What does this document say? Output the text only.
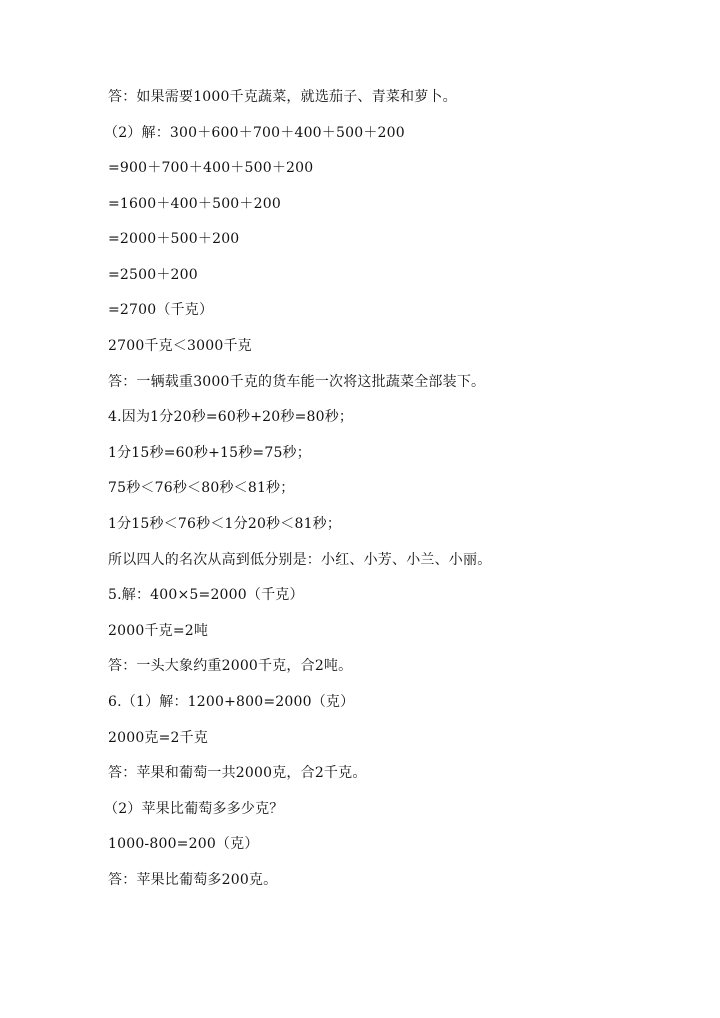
答：如果需要1000千克蔬菜，就选茄子、青菜和萝卜。
（2）解：300＋600＋700＋400＋500＋200
=900＋700＋400＋500＋200
=1600＋400＋500＋200
=2000＋500＋200
=2500＋200
=2700（千克）
2700千克＜3000千克
答：一辆载重3000千克的货车能一次将这批蔬菜全部装下。
4.因为1分20秒=60秒+20秒=80秒；
1分15秒=60秒+15秒=75秒；
75秒＜76秒＜80秒＜81秒；
1分15秒＜76秒＜1分20秒＜81秒；
所以四人的名次从高到低分别是：小红、小芳、小兰、小丽。
5.解：400×5=2000（千克）
2000千克=2吨
答：一头大象约重2000千克，合2吨。
6.（1）解：1200+800=2000（克）
2000克=2千克
答：苹果和葡萄一共2000克，合2千克。
（2）苹果比葡萄多多少克？
1000-800=200（克）
答：苹果比葡萄多200克。
